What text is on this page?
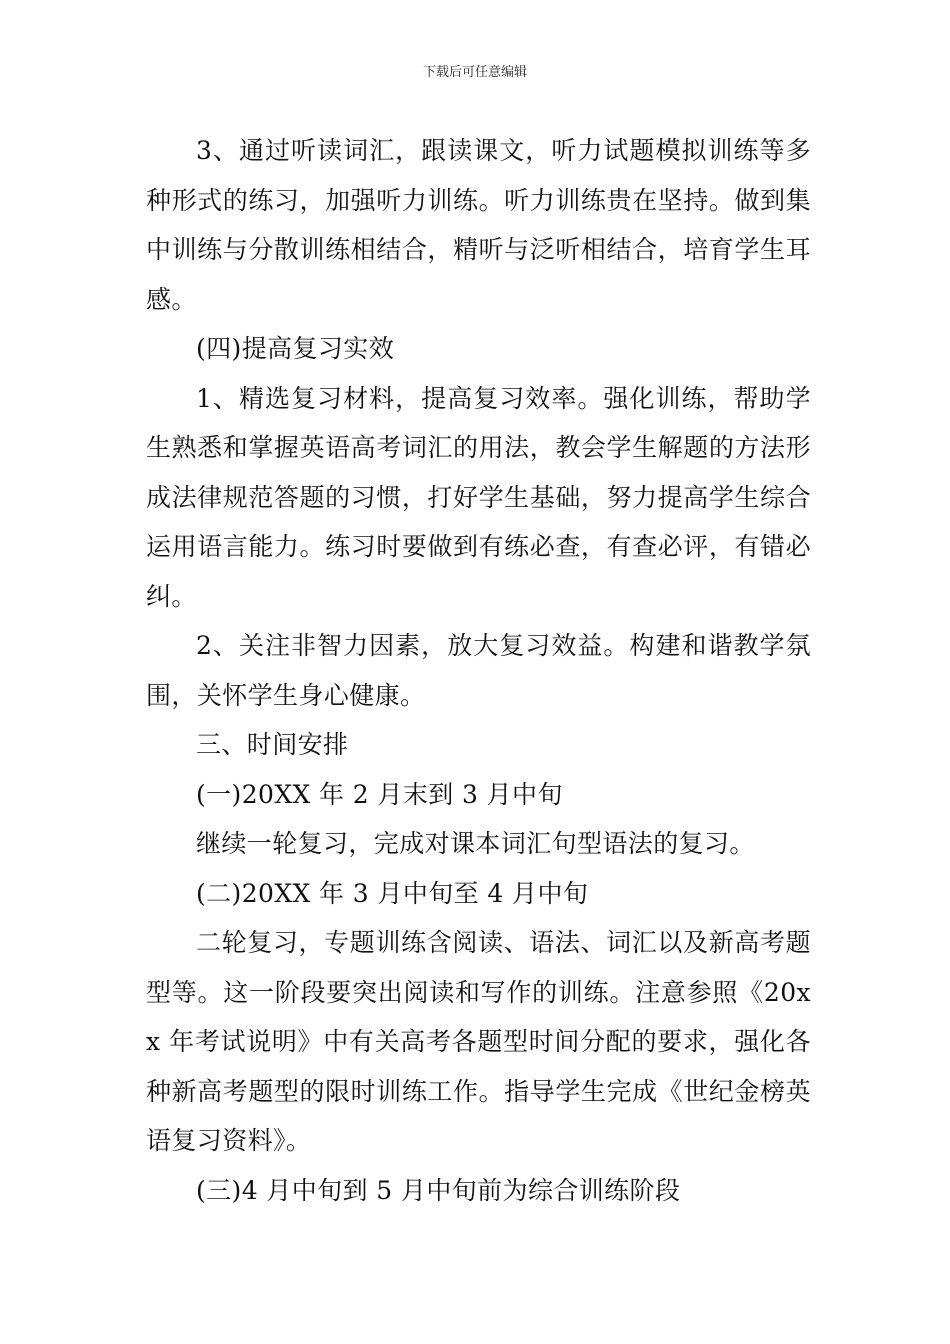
下载后可任意编辑

3、通过听读词汇，跟读课文，听力试题模拟训练等多种形式的练习，加强听力训练。听力训练贵在坚持。做到集中训练与分散训练相结合，精听与泛听相结合，培育学生耳感。

(四)提高复习实效

1、精选复习材料，提高复习效率。强化训练，帮助学生熟悉和掌握英语高考词汇的用法，教会学生解题的方法形成法律规范答题的习惯，打好学生基础，努力提高学生综合运用语言能力。练习时要做到有练必查，有查必评，有错必纠。

2、关注非智力因素，放大复习效益。构建和谐教学氛围，关怀学生身心健康。

三、时间安排

(一)20XX 年 2 月末到 3 月中旬

继续一轮复习，完成对课本词汇句型语法的复习。

(二)20XX 年 3 月中旬至 4 月中旬

二轮复习，专题训练含阅读、语法、词汇以及新高考题型等。这一阶段要突出阅读和写作的训练。注意参照《20xx 年考试说明》中有关高考各题型时间分配的要求，强化各种新高考题型的限时训练工作。指导学生完成《世纪金榜英语复习资料》。

(三)4 月中旬到 5 月中旬前为综合训练阶段
